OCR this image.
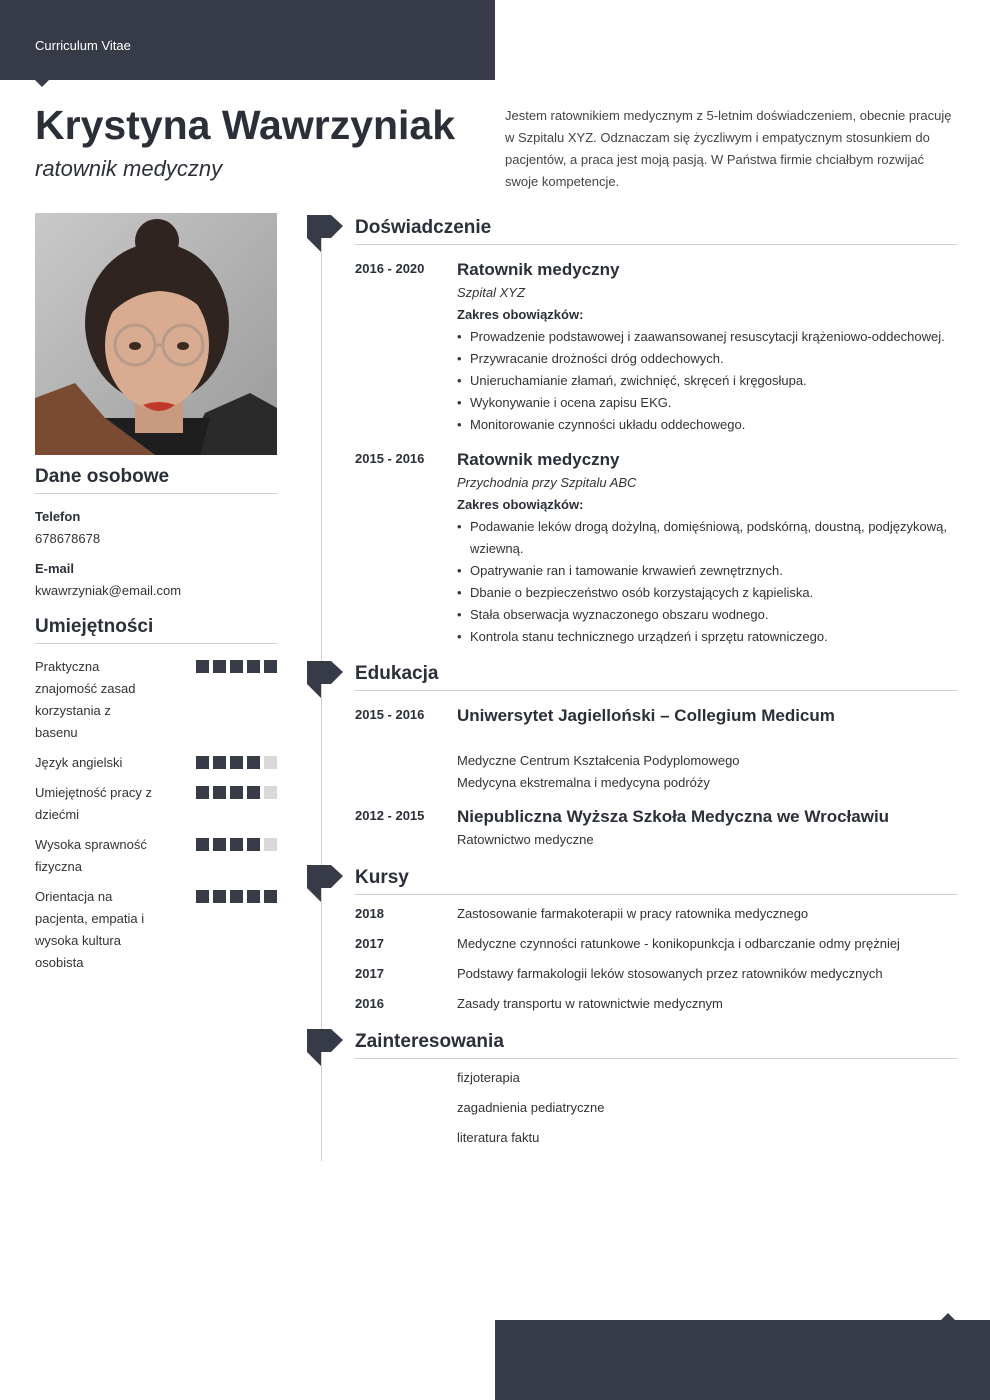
Curriculum Vitae
Krystyna Wawrzyniak
ratownik medyczny

Jestem ratownikiem medycznym z 5-letnim doświadczeniem, obecnie pracuję w Szpitalu XYZ. Odznaczam się życzliwym i empatycznym stosunkiem do pacjentów, a praca jest moją pasją. W Państwa firmie chciałbym rozwijać swoje kompetencje.

Dane osobowe
Telefon
678678678
E-mail
kwawrzyniak@email.com
Umiejętności
Praktyczna znajomość zasad korzystania z basenu
Język angielski
Umiejętność pracy z dziećmi
Wysoka sprawność fizyczna
Orientacja na pacjenta, empatia i wysoka kultura osobista
Doświadczenie
2016 - 2020	Ratownik medyczny
Szpital XYZ
Zakres obowiązków:
• Prowadzenie podstawowej i zaawansowanej resuscytacji krążeniowo-oddechowej.
• Przywracanie drożności dróg oddechowych.
• Unieruchamianie złamań, zwichnięć, skręceń i kręgosłupa.
• Wykonywanie i ocena zapisu EKG.
• Monitorowanie czynności układu oddechowego.
2015 - 2016	Ratownik medyczny
Przychodnia przy Szpitalu ABC
Zakres obowiązków:
• Podawanie leków drogą dożylną, domięśniową, podskórną, doustną, podjęzykową, wziewną.
• Opatrywanie ran i tamowanie krwawień zewnętrznych.
• Dbanie o bezpieczeństwo osób korzystających z kąpieliska.
• Stała obserwacja wyznaczonego obszaru wodnego.
• Kontrola stanu technicznego urządzeń i sprzętu ratowniczego.
Edukacja
2015 - 2016	Uniwersytet Jagielloński – Collegium Medicum
Medyczne Centrum Kształcenia Podyplomowego
Medycyna ekstremalna i medycyna podróży
2012 - 2015	Niepubliczna Wyższa Szkoła Medyczna we Wrocławiu
Ratownictwo medyczne
Kursy
2018	Zastosowanie farmakoterapii w pracy ratownika medycznego
2017	Medyczne czynności ratunkowe - konikopunkcja i odbarczanie odmy prężniej
2017	Podstawy farmakologii leków stosowanych przez ratowników medycznych
2016	Zasady transportu w ratownictwie medycznym
Zainteresowania
fizjoterapia
zagadnienia pediatryczne
literatura faktu
